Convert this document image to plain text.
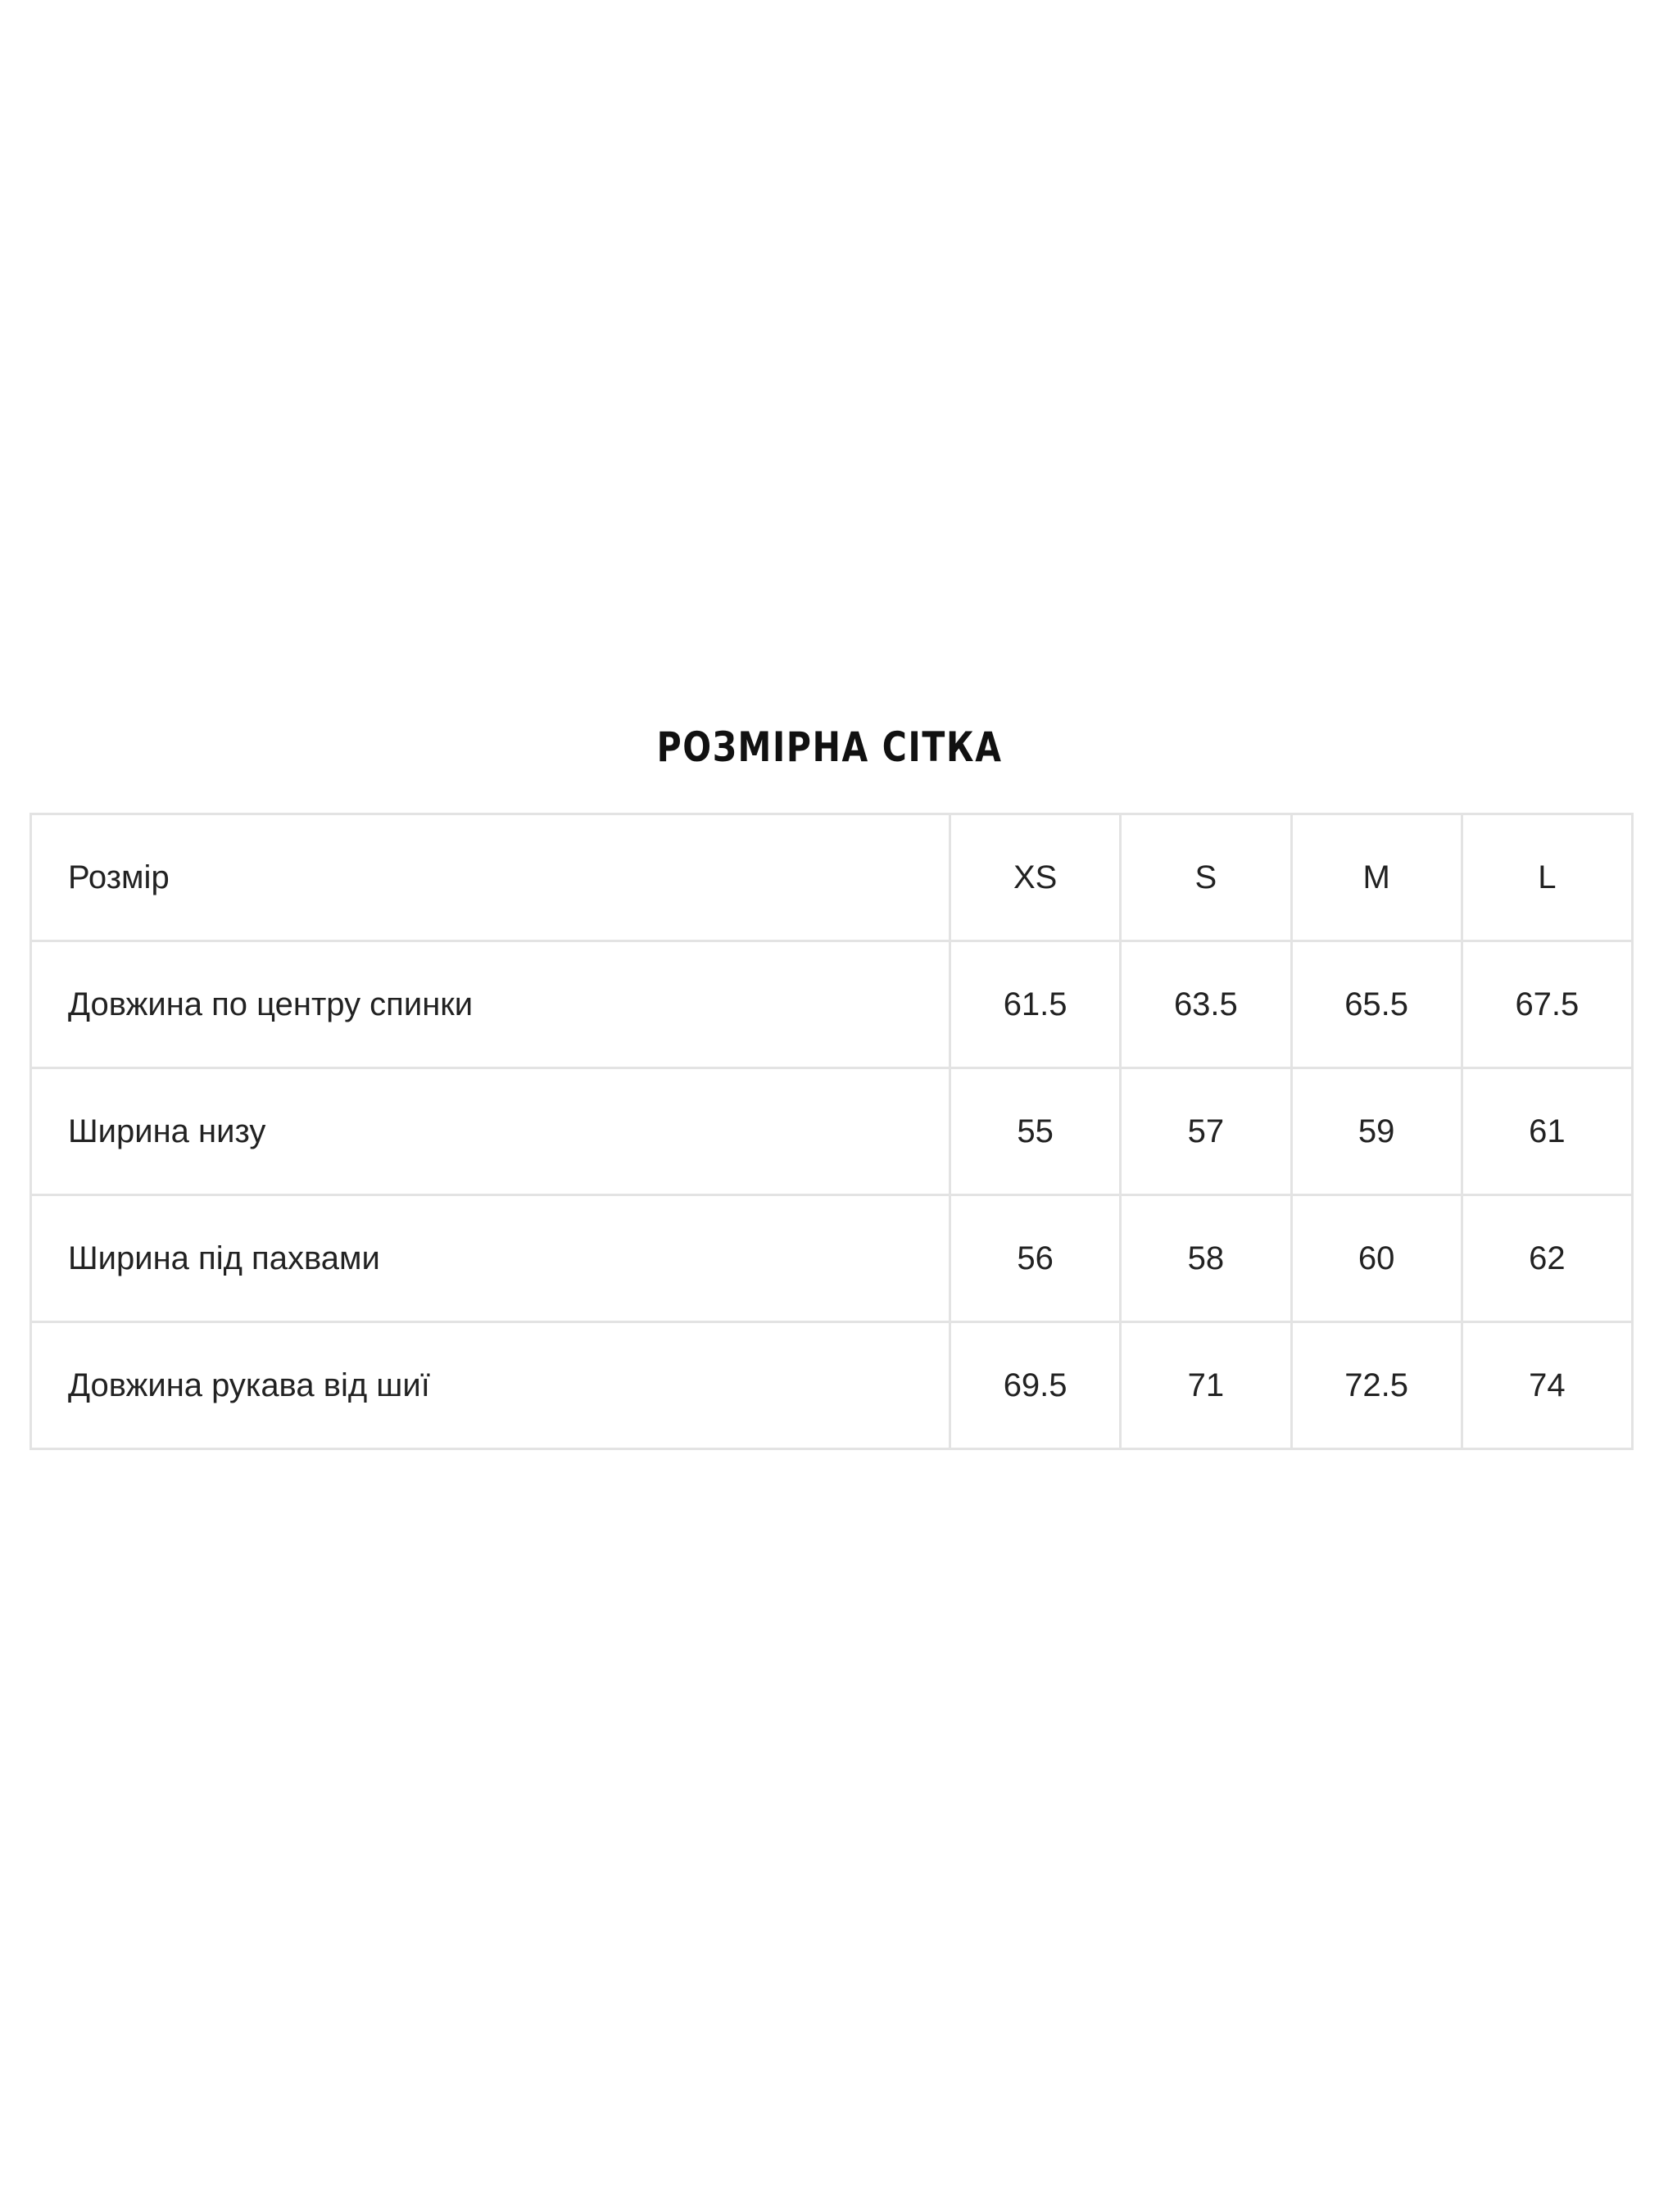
РОЗМІРНА СІТКА
Розмір	XS	S	M	L
Довжина по центру спинки	61.5	63.5	65.5	67.5
Ширина низу	55	57	59	61
Ширина під пахвами	56	58	60	62
Довжина рукава від шиї	69.5	71	72.5	74
